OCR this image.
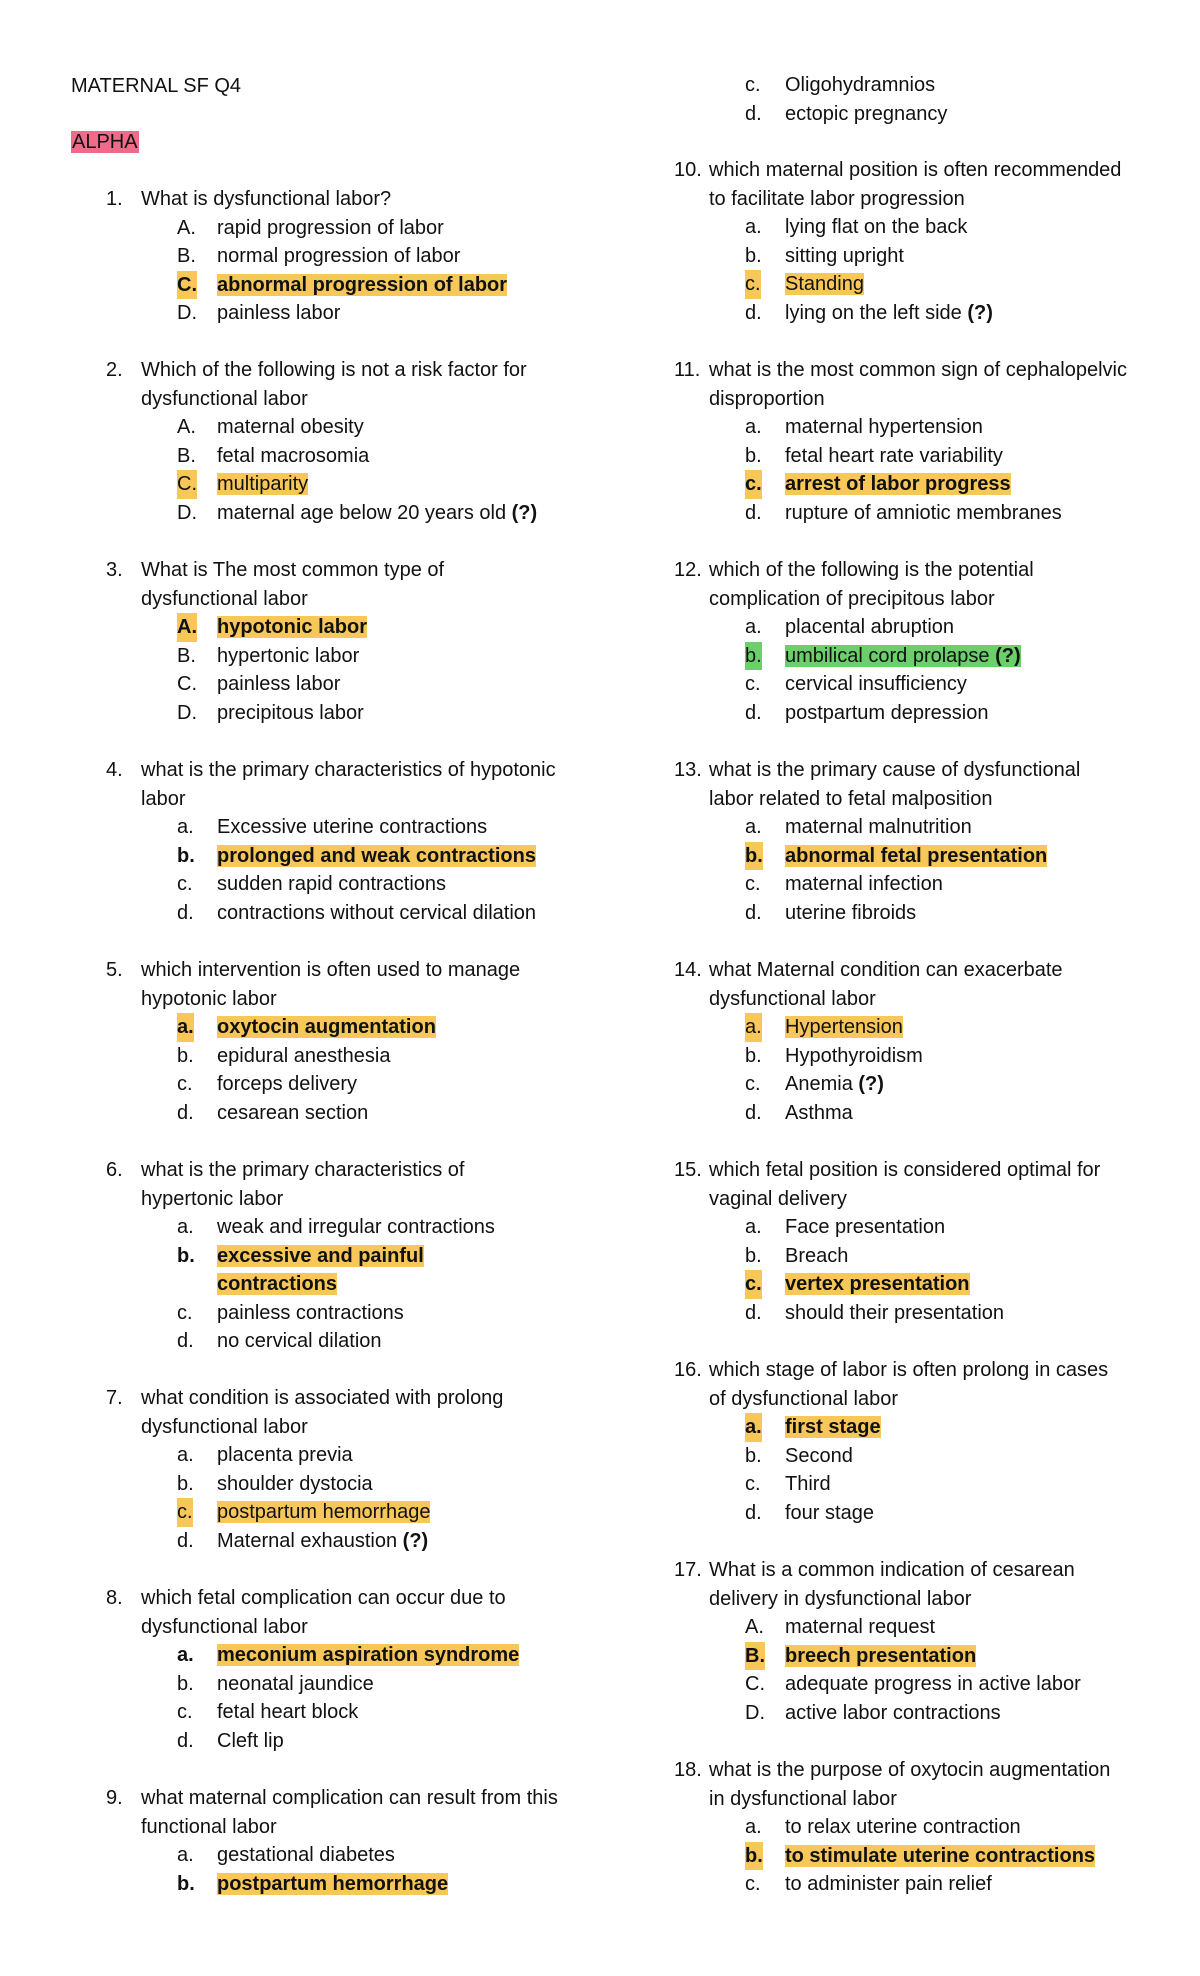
MATERNAL SF Q4
ALPHA
1. What is dysfunctional labor?
A. rapid progression of labor
B. normal progression of labor
C. abnormal progression of labor
D. painless labor
2. Which of the following is not a risk factor for dysfunctional labor
A. maternal obesity
B. fetal macrosomia
C. multiparity
D. maternal age below 20 years old (?)
3. What is The most common type of dysfunctional labor
A. hypotonic labor
B. hypertonic labor
C. painless labor
D. precipitous labor
4. what is the primary characteristics of hypotonic labor
a. Excessive uterine contractions
b. prolonged and weak contractions
c. sudden rapid contractions
d. contractions without cervical dilation
5. which intervention is often used to manage hypotonic labor
a. oxytocin augmentation
b. epidural anesthesia
c. forceps delivery
d. cesarean section
6. what is the primary characteristics of hypertonic labor
a. weak and irregular contractions
b. excessive and painful contractions
c. painless contractions
d. no cervical dilation
7. what condition is associated with prolong dysfunctional labor
a. placenta previa
b. shoulder dystocia
c. postpartum hemorrhage
d. Maternal exhaustion (?)
8. which fetal complication can occur due to dysfunctional labor
a. meconium aspiration syndrome
b. neonatal jaundice
c. fetal heart block
d. Cleft lip
9. what maternal complication can result from this functional labor
a. gestational diabetes
b. postpartum hemorrhage
c. Oligohydramnios
d. ectopic pregnancy
10. which maternal position is often recommended to facilitate labor progression
a. lying flat on the back
b. sitting upright
c. Standing
d. lying on the left side (?)
11. what is the most common sign of cephalopelvic disproportion
a. maternal hypertension
b. fetal heart rate variability
c. arrest of labor progress
d. rupture of amniotic membranes
12. which of the following is the potential complication of precipitous labor
a. placental abruption
b. umbilical cord prolapse (?)
c. cervical insufficiency
d. postpartum depression
13. what is the primary cause of dysfunctional labor related to fetal malposition
a. maternal malnutrition
b. abnormal fetal presentation
c. maternal infection
d. uterine fibroids
14. what Maternal condition can exacerbate dysfunctional labor
a. Hypertension
b. Hypothyroidism
c. Anemia (?)
d. Asthma
15. which fetal position is considered optimal for vaginal delivery
a. Face presentation
b. Breach
c. vertex presentation
d. should their presentation
16. which stage of labor is often prolong in cases of dysfunctional labor
a. first stage
b. Second
c. Third
d. four stage
17. What is a common indication of cesarean delivery in dysfunctional labor
A. maternal request
B. breech presentation
C. adequate progress in active labor
D. active labor contractions
18. what is the purpose of oxytocin augmentation in dysfunctional labor
a. to relax uterine contraction
b. to stimulate uterine contractions
c. to administer pain relief
